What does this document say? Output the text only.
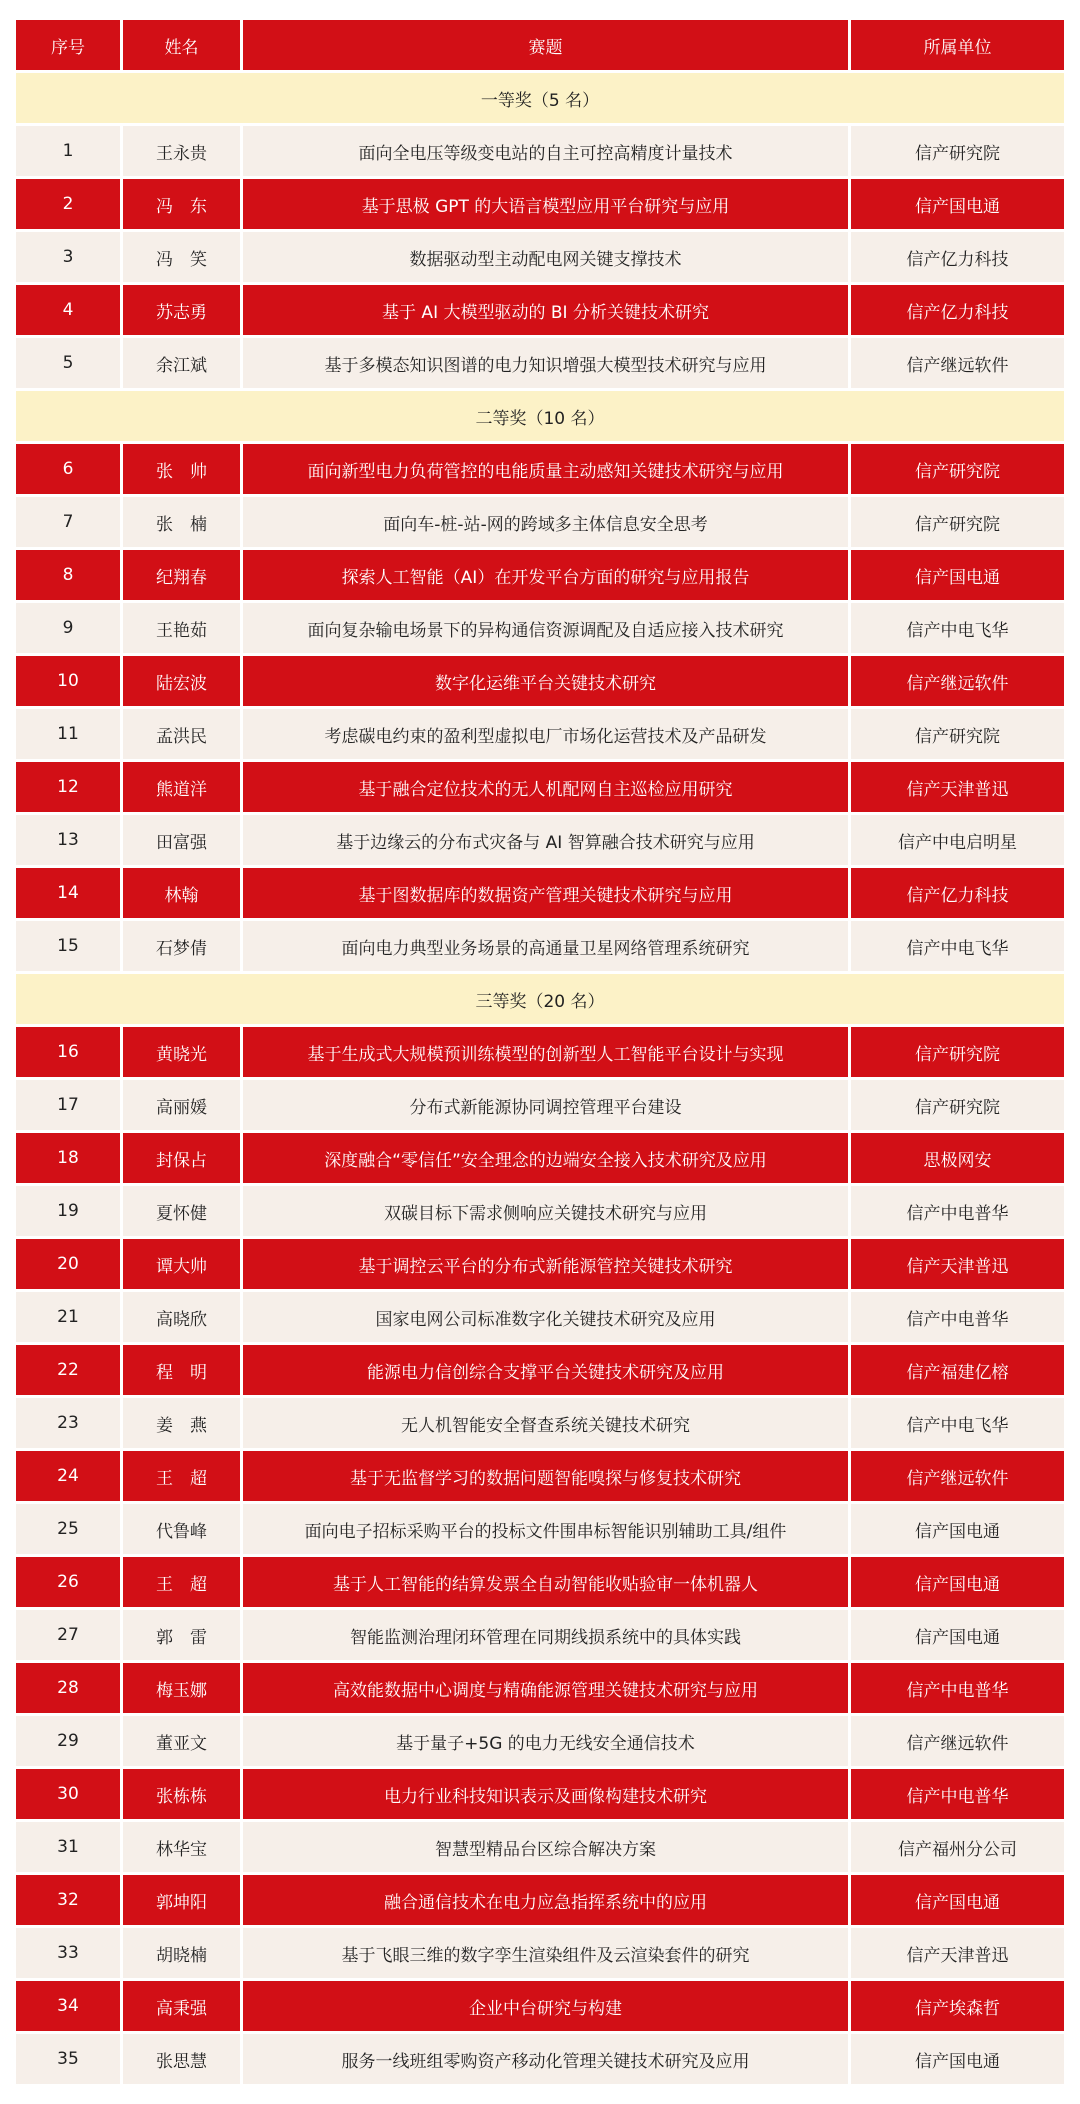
序号	姓名	赛题	所属单位
一等奖（5 名）			
1	王永贵	面向全电压等级变电站的自主可控高精度计量技术	信产研究院
2	冯　东	基于思极 GPT 的大语言模型应用平台研究与应用	信产国电通
3	冯　笑	数据驱动型主动配电网关键支撑技术	信产亿力科技
4	苏志勇	基于 AI 大模型驱动的 BI 分析关键技术研究	信产亿力科技
5	余江斌	基于多模态知识图谱的电力知识增强大模型技术研究与应用	信产继远软件
二等奖（10 名）			
6	张　帅	面向新型电力负荷管控的电能质量主动感知关键技术研究与应用	信产研究院
7	张　楠	面向车-桩-站-网的跨域多主体信息安全思考	信产研究院
8	纪翔春	探索人工智能（AI）在开发平台方面的研究与应用报告	信产国电通
9	王艳茹	面向复杂输电场景下的异构通信资源调配及自适应接入技术研究	信产中电飞华
10	陆宏波	数字化运维平台关键技术研究	信产继远软件
11	孟洪民	考虑碳电约束的盈利型虚拟电厂市场化运营技术及产品研发	信产研究院
12	熊道洋	基于融合定位技术的无人机配网自主巡检应用研究	信产天津普迅
13	田富强	基于边缘云的分布式灾备与 AI 智算融合技术研究与应用	信产中电启明星
14	林翰	基于图数据库的数据资产管理关键技术研究与应用	信产亿力科技
15	石梦倩	面向电力典型业务场景的高通量卫星网络管理系统研究	信产中电飞华
三等奖（20 名）			
16	黄晓光	基于生成式大规模预训练模型的创新型人工智能平台设计与实现	信产研究院
17	高丽媛	分布式新能源协同调控管理平台建设	信产研究院
18	封保占	深度融合“零信任”安全理念的边端安全接入技术研究及应用	思极网安
19	夏怀健	双碳目标下需求侧响应关键技术研究与应用	信产中电普华
20	谭大帅	基于调控云平台的分布式新能源管控关键技术研究	信产天津普迅
21	高晓欣	国家电网公司标准数字化关键技术研究及应用	信产中电普华
22	程　明	能源电力信创综合支撑平台关键技术研究及应用	信产福建亿榕
23	姜　燕	无人机智能安全督查系统关键技术研究	信产中电飞华
24	王　超	基于无监督学习的数据问题智能嗅探与修复技术研究	信产继远软件
25	代鲁峰	面向电子招标采购平台的投标文件围串标智能识别辅助工具/组件	信产国电通
26	王　超	基于人工智能的结算发票全自动智能收贴验审一体机器人	信产国电通
27	郭　雷	智能监测治理闭环管理在同期线损系统中的具体实践	信产国电通
28	梅玉娜	高效能数据中心调度与精确能源管理关键技术研究与应用	信产中电普华
29	董亚文	基于量子+5G 的电力无线安全通信技术	信产继远软件
30	张栋栋	电力行业科技知识表示及画像构建技术研究	信产中电普华
31	林华宝	智慧型精品台区综合解决方案	信产福州分公司
32	郭坤阳	融合通信技术在电力应急指挥系统中的应用	信产国电通
33	胡晓楠	基于飞眼三维的数字孪生渲染组件及云渲染套件的研究	信产天津普迅
34	高秉强	企业中台研究与构建	信产埃森哲
35	张思慧	服务一线班组零购资产移动化管理关键技术研究及应用	信产国电通
